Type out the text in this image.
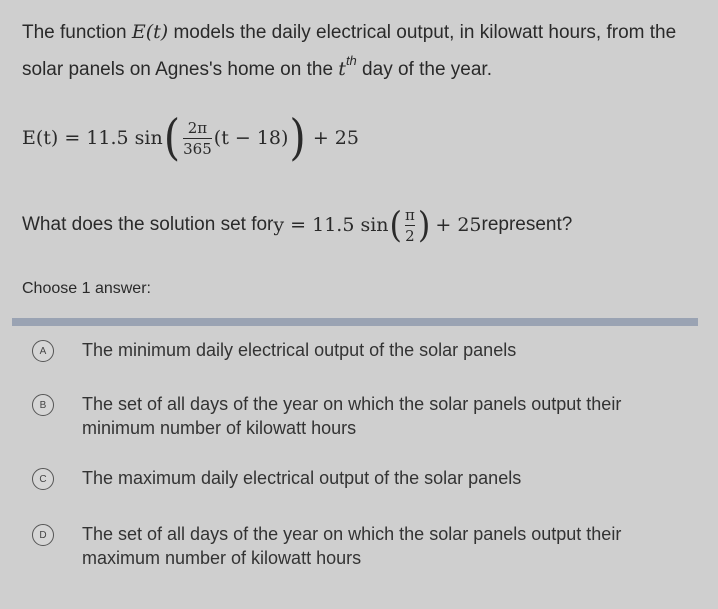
The function E(t) models the daily electrical output, in kilowatt hours, from the solar panels on Agnes's home on the $t^{th}$ day of the year.
E(t) = 11.5 sin ( $\frac{2\pi}{365} (t - 18)$ ) + 25
What does the solution set for y = 11.5 sin ( $\frac{\pi}{2}$ ) + 25 represent?
Choose 1 answer:
A	The minimum daily electrical output of the solar panels
B	The set of all days of the year on which the solar panels output their minimum number of kilowatt hours
C	The maximum daily electrical output of the solar panels
D	The set of all days of the year on which the solar panels output their maximum number of kilowatt hours
